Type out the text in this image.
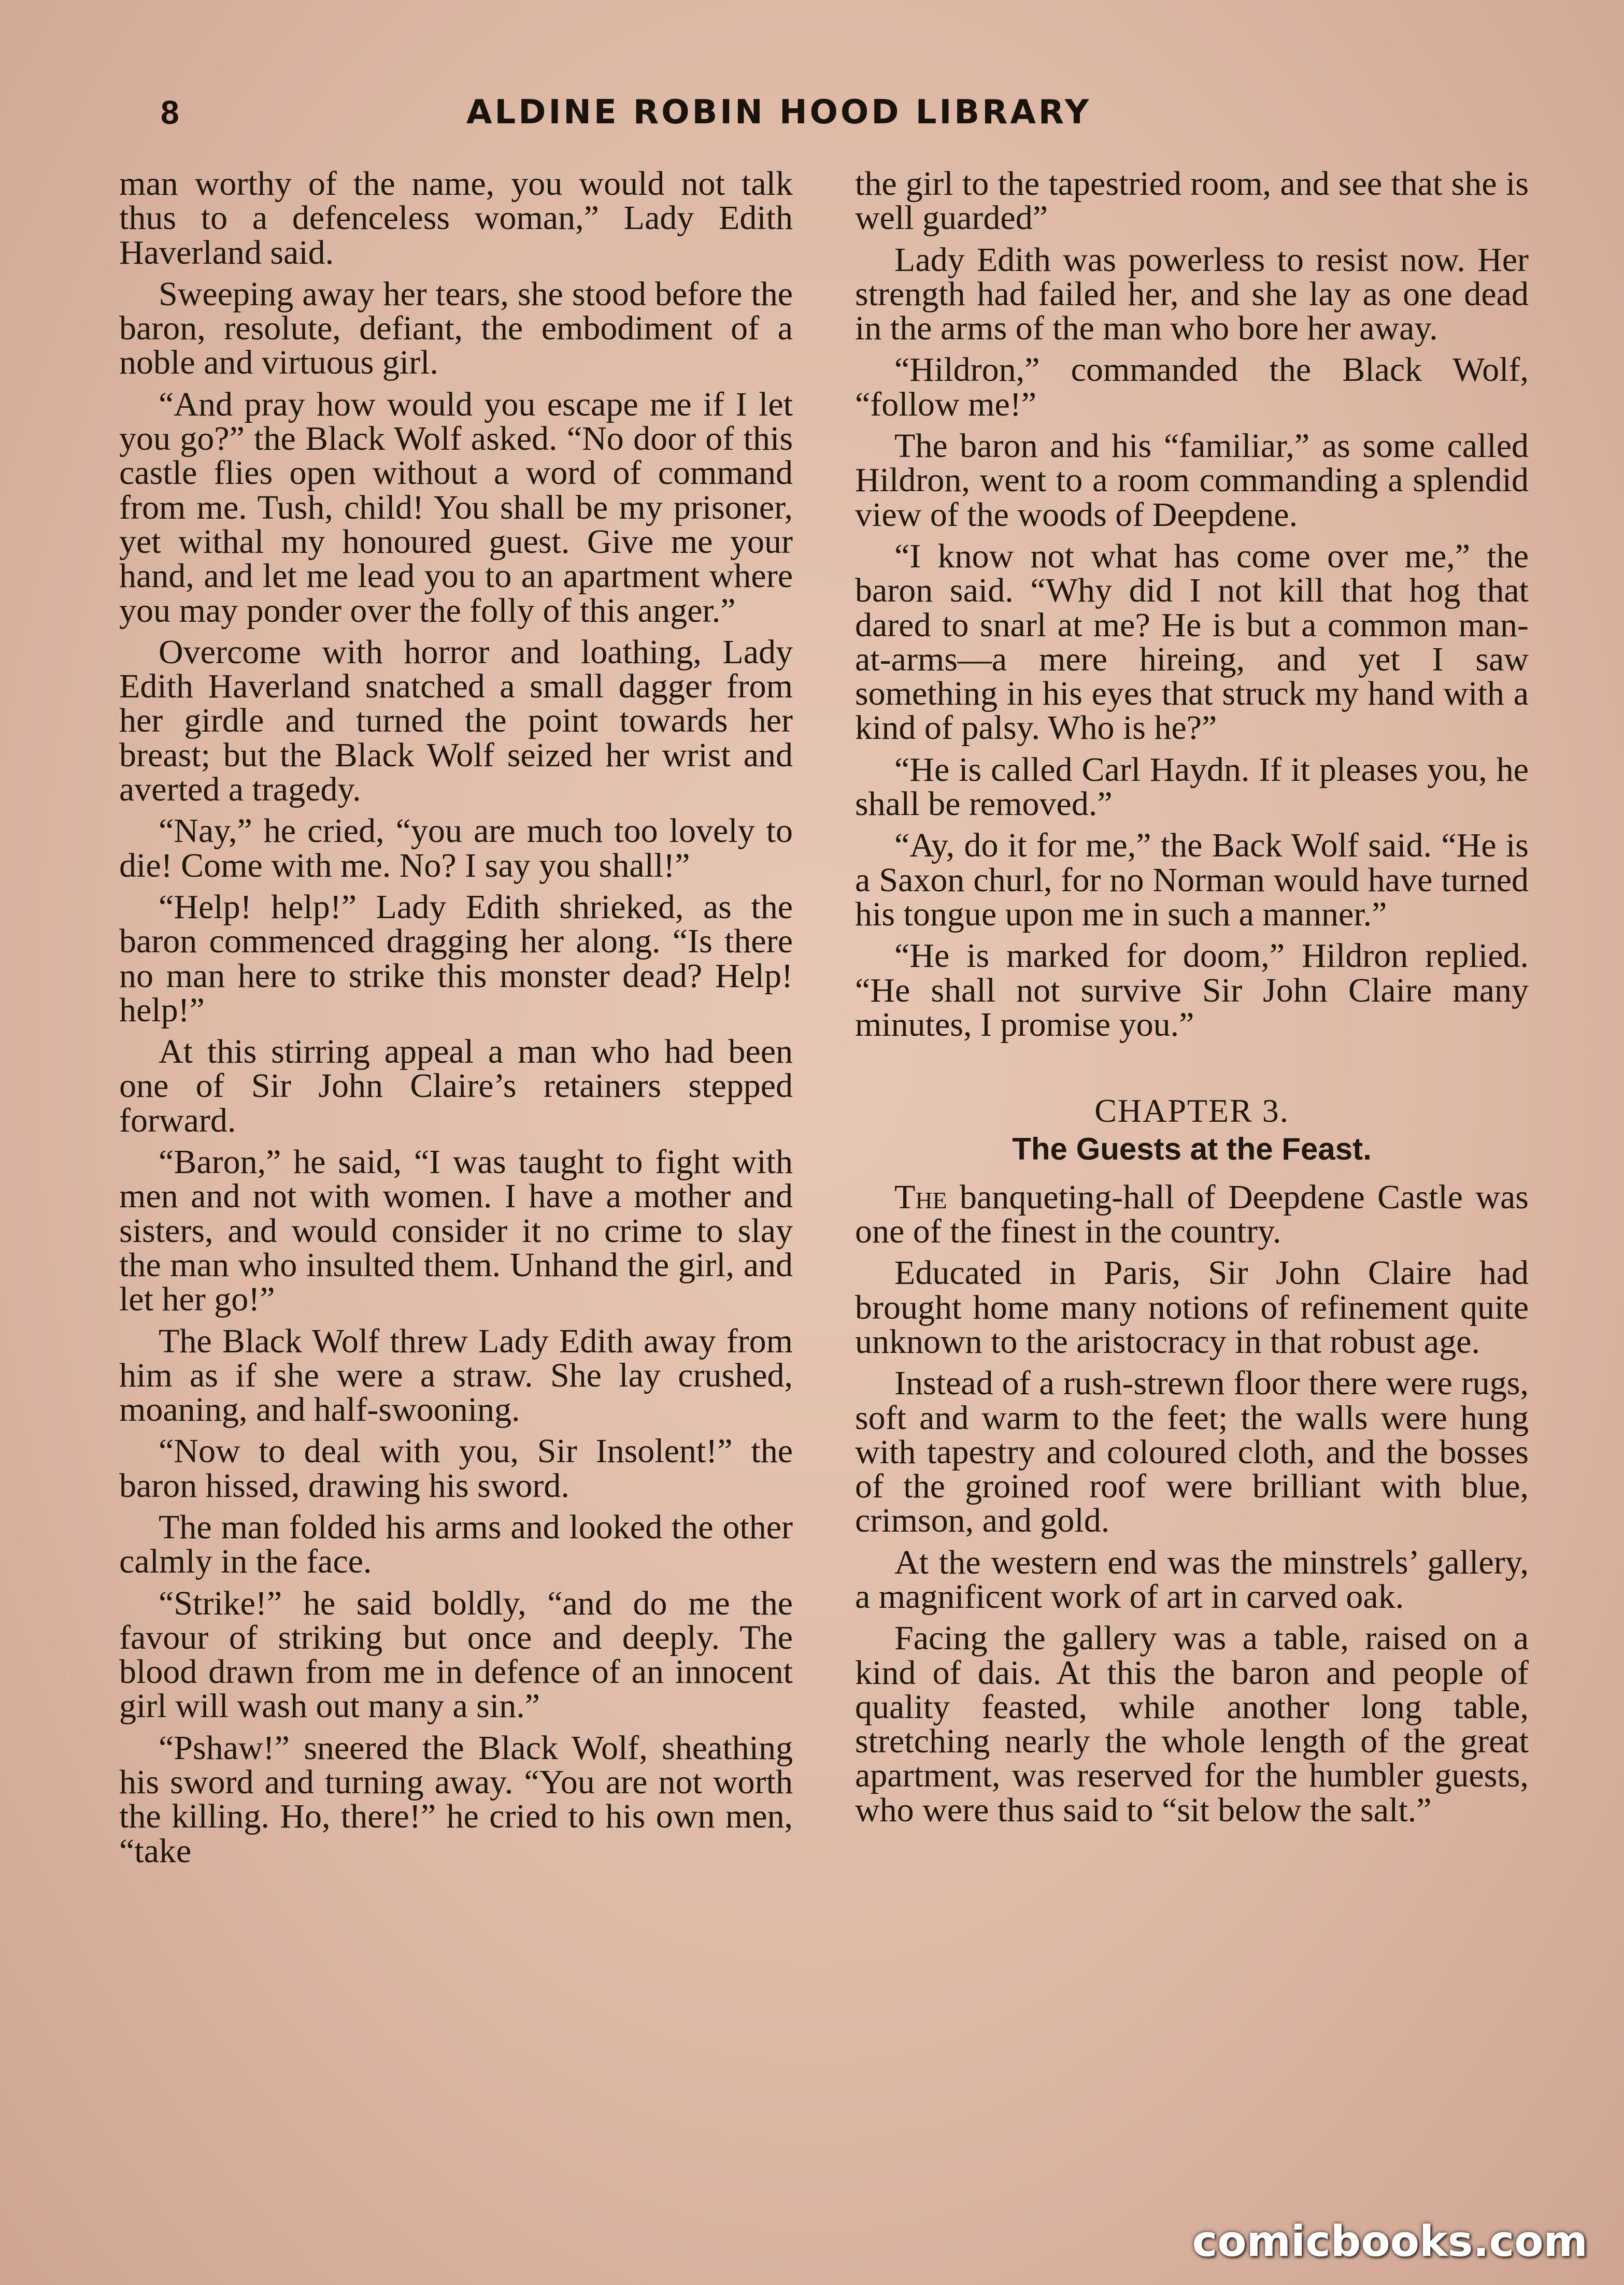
8	ALDINE ROBIN HOOD LIBRARY

man worthy of the name, you would not talk thus to a defenceless woman,” Lady Edith Haverland said.

Sweeping away her tears, she stood before the baron, resolute, defiant, the embodiment of a noble and virtuous girl.

“And pray how would you escape me if I let you go?” the Black Wolf asked. “No door of this castle flies open without a word of command from me. Tush, child! You shall be my prisoner, yet withal my honoured guest. Give me your hand, and let me lead you to an apartment where you may ponder over the folly of this anger.”

Overcome with horror and loathing, Lady Edith Haverland snatched a small dagger from her girdle and turned the point towards her breast; but the Black Wolf seized her wrist and averted a tragedy.

“Nay,” he cried, “you are much too lovely to die! Come with me. No? I say you shall!”

“Help! help!” Lady Edith shrieked, as the baron commenced dragging her along. “Is there no man here to strike this monster dead? Help! help!”

At this stirring appeal a man who had been one of Sir John Claire’s retainers stepped forward.

“Baron,” he said, “I was taught to fight with men and not with women. I have a mother and sisters, and would consider it no crime to slay the man who insulted them. Unhand the girl, and let her go!”

The Black Wolf threw Lady Edith away from him as if she were a straw. She lay crushed, moaning, and half-swooning.

“Now to deal with you, Sir Insolent!” the baron hissed, drawing his sword.

The man folded his arms and looked the other calmly in the face.

“Strike!” he said boldly, “and do me the favour of striking but once and deeply. The blood drawn from me in defence of an innocent girl will wash out many a sin.”

“Pshaw!” sneered the Black Wolf, sheathing his sword and turning away. “You are not worth the killing. Ho, there!” he cried to his own men, “take

the girl to the tapestried room, and see that she is well guarded”

Lady Edith was powerless to resist now. Her strength had failed her, and she lay as one dead in the arms of the man who bore her away.

“Hildron,” commanded the Black Wolf, “follow me!”

The baron and his “familiar,” as some called Hildron, went to a room commanding a splendid view of the woods of Deepdene.

“I know not what has come over me,” the baron said. “Why did I not kill that hog that dared to snarl at me? He is but a common man-at-arms—a mere hireing, and yet I saw something in his eyes that struck my hand with a kind of palsy. Who is he?”

“He is called Carl Haydn. If it pleases you, he shall be removed.”

“Ay, do it for me,” the Back Wolf said. “He is a Saxon churl, for no Norman would have turned his tongue upon me in such a manner.”

“He is marked for doom,” Hildron replied. “He shall not survive Sir John Claire many minutes, I promise you.”

CHAPTER 3.
The Guests at the Feast.

The banqueting-hall of Deepdene Castle was one of the finest in the country.

Educated in Paris, Sir John Claire had brought home many notions of refinement quite unknown to the aristocracy in that robust age.

Instead of a rush-strewn floor there were rugs, soft and warm to the feet; the walls were hung with tapestry and coloured cloth, and the bosses of the groined roof were brilliant with blue, crimson, and gold.

At the western end was the minstrels’ gallery, a magnificent work of art in carved oak.

Facing the gallery was a table, raised on a kind of dais. At this the baron and people of quality feasted, while another long table, stretching nearly the whole length of the great apartment, was reserved for the humbler guests, who were thus said to “sit below the salt.”

comicbooks.com
